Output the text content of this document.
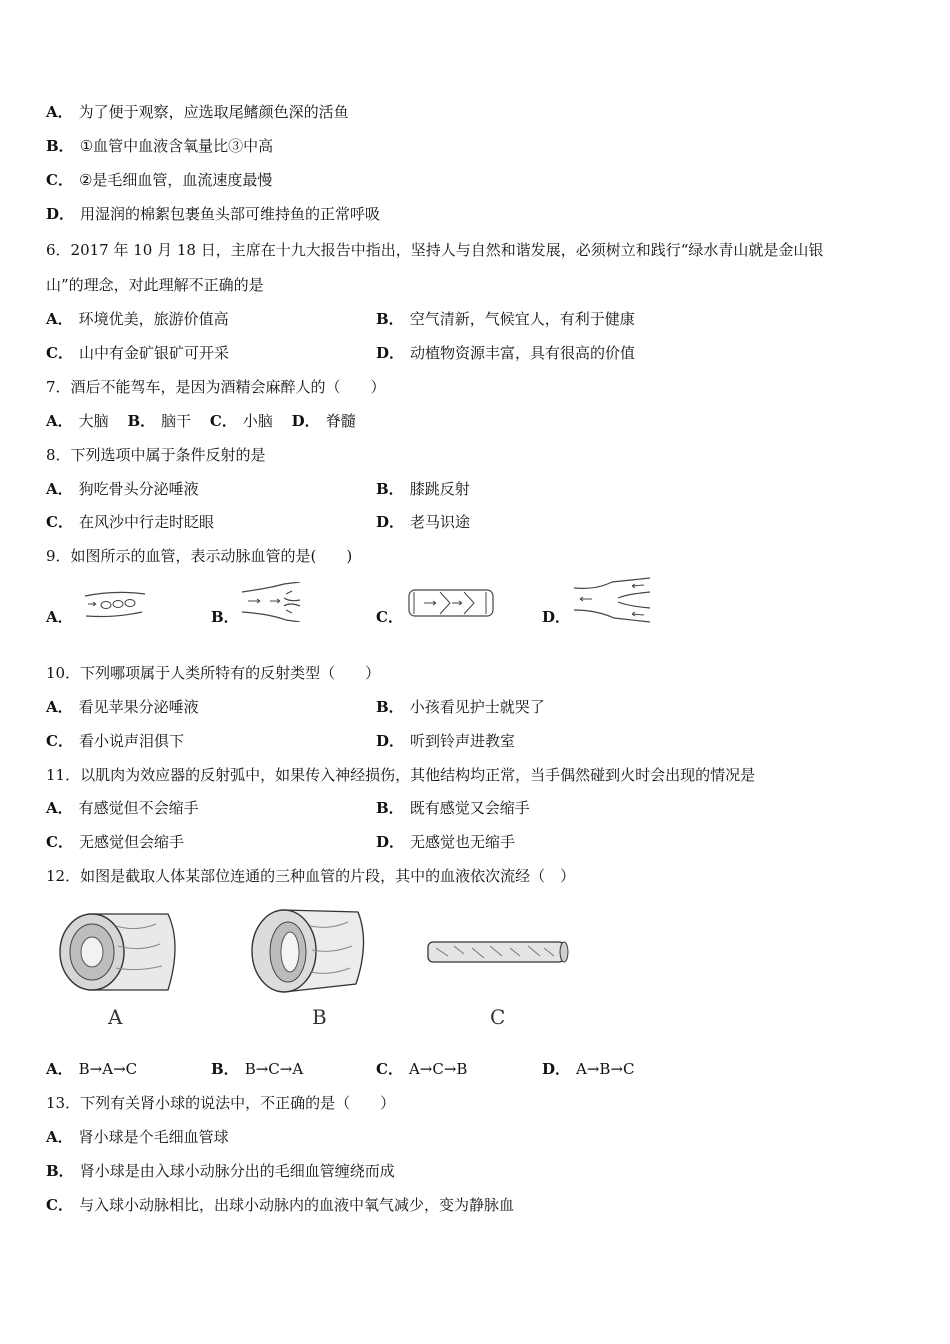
A． 为了便于观察，应选取尾鳍颜色深的活鱼
B． ①血管中血液含氧量比③中高
C． ②是毛细血管，血流速度最慢
D． 用湿润的棉絮包裹鱼头部可维持鱼的正常呼吸
6．2017 年 10 月 18 日，主席在十九大报告中指出，坚持人与自然和谐发展，必须树立和践行“绿水青山就是金山银
山”的理念，对此理解不正确的是
A． 环境优美，旅游价值高	B． 空气清新，气候宜人，有利于健康
C． 山中有金矿银矿可开采	D． 动植物资源丰富，具有很高的价值
7．酒后不能驾车，是因为酒精会麻醉人的（　　）
A． 大脑 B． 脑干 C． 小脑 D． 脊髓
8．下列选项中属于条件反射的是
A． 狗吃骨头分泌唾液	B． 膝跳反射
C． 在风沙中行走时眨眼	D． 老马识途
9．如图所示的血管，表示动脉血管的是(　　)
A．	B．	C．	D．
10．下列哪项属于人类所特有的反射类型（　　）
A． 看见苹果分泌唾液	B． 小孩看见护士就哭了
C． 看小说声泪俱下	D． 听到铃声进教室
11．以肌肉为效应器的反射弧中，如果传入神经损伤，其他结构均正常，当手偶然碰到火时会出现的情况是
A． 有感觉但不会缩手	B． 既有感觉又会缩手
C． 无感觉但会缩手	D． 无感觉也无缩手
12．如图是截取人体某部位连通的三种血管的片段，其中的血液依次流经（　）
A	B	C
A． B→A→C	B． B→C→A	C． A→C→B	D． A→B→C
13．下列有关肾小球的说法中，不正确的是（　　）
A． 肾小球是个毛细血管球
B． 肾小球是由入球小动脉分出的毛细血管缠绕而成
C． 与入球小动脉相比，出球小动脉内的血液中氧气减少，变为静脉血
